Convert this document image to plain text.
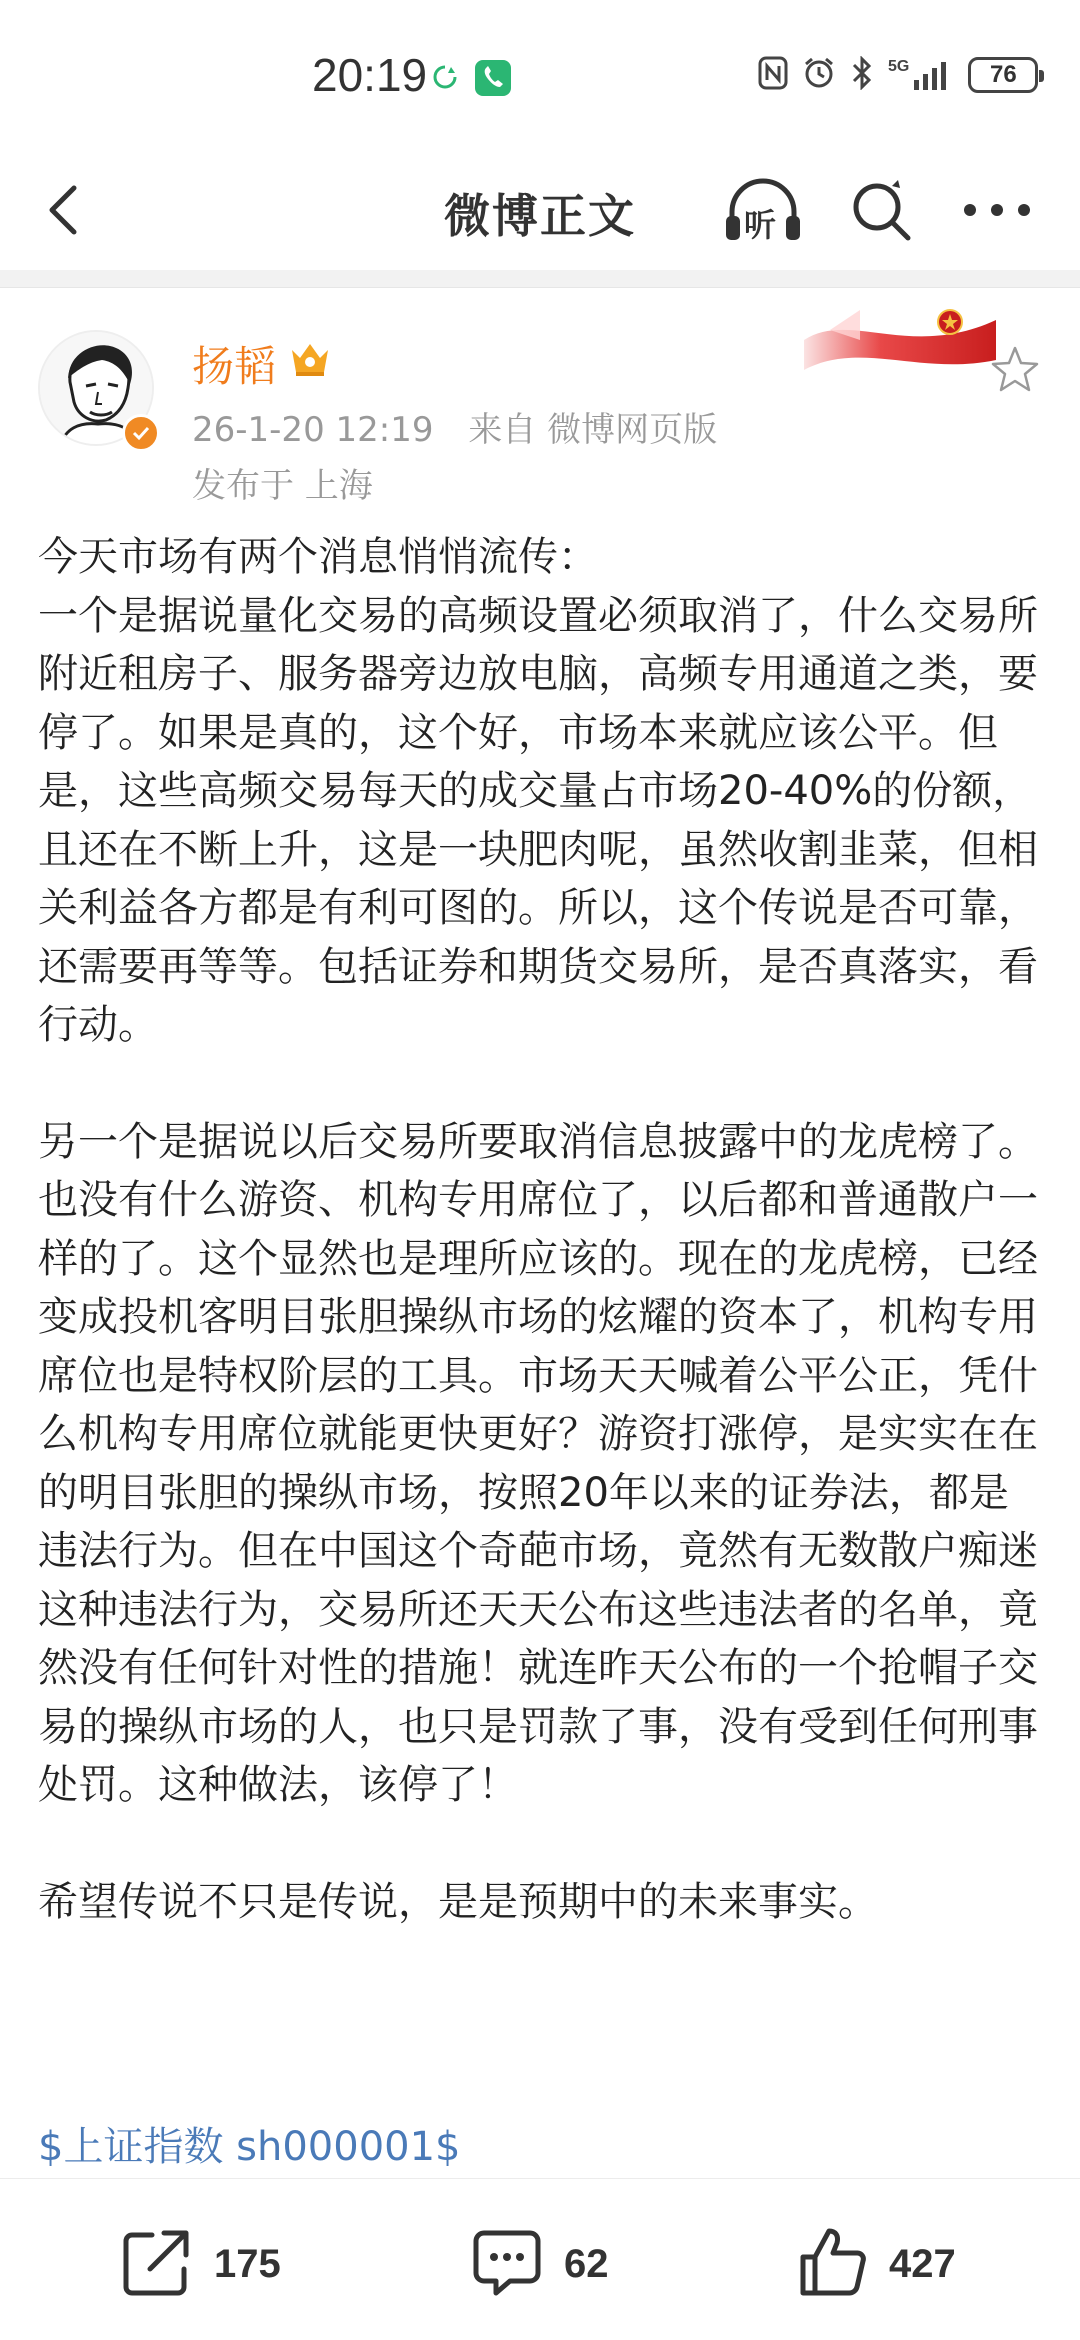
20:19	5G	76
微博正文	听
扬韬
26-1-20 12:19 来自 微博网页版
发布于 上海
今天市场有两个消息悄悄流传：
一个是据说量化交易的高频设置必须取消了，什么交易所附近租房子、服务器旁边放电脑，高频专用通道之类，要停了。如果是真的，这个好，市场本来就应该公平。但是，这些高频交易每天的成交量占市场20-40%的份额，且还在不断上升，这是一块肥肉呢，虽然收割韭菜，但相关利益各方都是有利可图的。所以，这个传说是否可靠，还需要再等等。包括证券和期货交易所，是否真落实，看行动。
另一个是据说以后交易所要取消信息披露中的龙虎榜了。也没有什么游资、机构专用席位了，以后都和普通散户一样的了。这个显然也是理所应该的。现在的龙虎榜，已经变成投机客明目张胆操纵市场的炫耀的资本了，机构专用席位也是特权阶层的工具。市场天天喊着公平公正，凭什么机构专用席位就能更快更好？游资打涨停，是实实在在的明目张胆的操纵市场，按照20年以来的证券法，都是违法行为。但在中国这个奇葩市场，竟然有无数散户痴迷这种违法行为，交易所还天天公布这些违法者的名单，竟然没有任何针对性的措施！就连昨天公布的一个抢帽子交易的操纵市场的人，也只是罚款了事，没有受到任何刑事处罚。这种做法，该停了！
希望传说不只是传说，是是预期中的未来事实。
$上证指数 sh000001$
175	62	427
